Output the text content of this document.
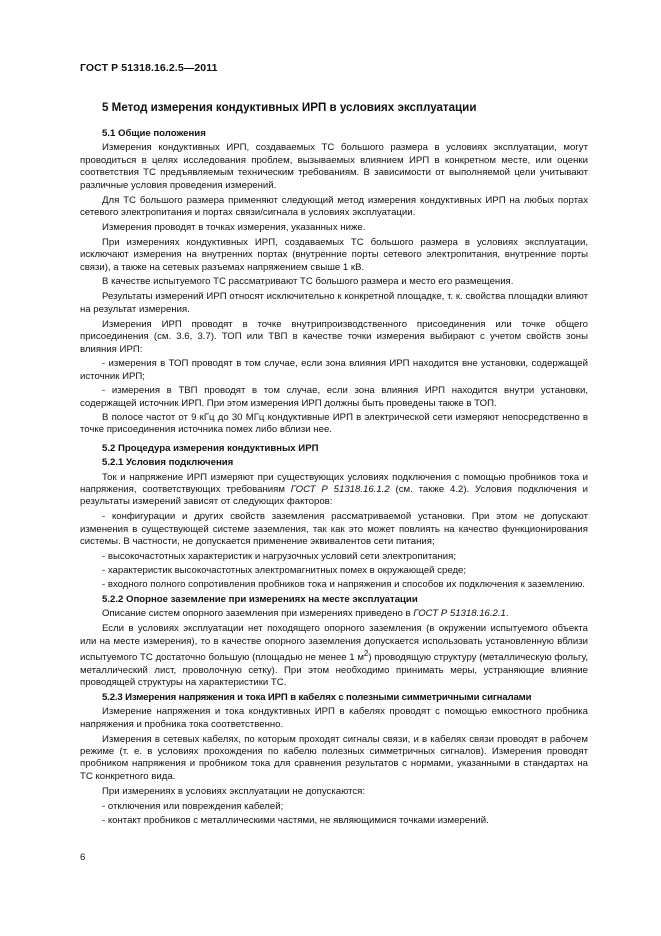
ГОСТ Р 51318.16.2.5—2011
5 Метод измерения кондуктивных ИРП в условиях эксплуатации
5.1 Общие положения

Измерения кондуктивных ИРП, создаваемых ТС большого размера в условиях эксплуатации, могут проводиться в целях исследования проблем, вызываемых влиянием ИРП в конкретном месте, или оценки соответствия ТС предъявляемым техническим требованиям. В зависимости от выполняемой цели учитывают различные условия проведения измерений.

Для ТС большого размера применяют следующий метод измерения кондуктивных ИРП на любых портах сетевого электропитания и портах связи/сигнала в условиях эксплуатации.

Измерения проводят в точках измерения, указанных ниже.

При измерениях кондуктивных ИРП, создаваемых ТС большого размера в условиях эксплуатации, исключают измерения на внутренних портах (внутренние порты сетевого электропитания, внутренние порты связи), а также на сетевых разъемах напряжением свыше 1 кВ.

В качестве испытуемого ТС рассматривают ТС большого размера и место его размещения.

Результаты измерений ИРП относят исключительно к конкретной площадке, т. к. свойства площадки влияют на результат измерения.

Измерения ИРП проводят в точке внутрипроизводственного присоединения или точке общего присоединения (см. 3.6, 3.7). ТОП или ТВП в качестве точки измерения выбирают с учетом свойств зоны влияния ИРП:

- измерения в ТОП проводят в том случае, если зона влияния ИРП находится вне установки, содержащей источник ИРП;
- измерения в ТВП проводят в том случае, если зона влияния ИРП находится внутри установки, содержащей источник ИРП. При этом измерения ИРП должны быть проведены также в ТОП.

В полосе частот от 9 кГц до 30 МГц кондуктивные ИРП в электрической сети измеряют непосредственно в точке присоединения источника помех либо вблизи нее.

5.2 Процедура измерения кондуктивных ИРП
5.2.1 Условия подключения

Ток и напряжение ИРП измеряют при существующих условиях подключения с помощью пробников тока и напряжения, соответствующих требованиям ГОСТ Р 51318.16.1.2 (см. также 4.2). Условия подключения и результаты измерений зависят от следующих факторов:

- конфигурации и других свойств заземления рассматриваемой установки. При этом не допускают изменения в существующей системе заземления, так как это может повлиять на качество функционирования системы. В частности, не допускается применение эквивалентов сети питания;
- высокочастотных характеристик и нагрузочных условий сети электропитания;
- характеристик высокочастотных электромагнитных помех в окружающей среде;
- входного полного сопротивления пробников тока и напряжения и способов их подключения к заземлению.
5.2.2 Опорное заземление при измерениях на месте эксплуатации

Описание систем опорного заземления при измерениях приведено в ГОСТ Р 51318.16.2.1.

Если в условиях эксплуатации нет походящего опорного заземления (в окружении испытуемого объекта или на месте измерения), то в качестве опорного заземления допускается использовать установленную вблизи испытуемого ТС достаточно большую (площадью не менее 1 $м^2$) проводящую структуру (металлическую фольгу, металлический лист, проволочную сетку). При этом необходимо принимать меры, устраняющие влияние проводящей структуры на характеристики ТС.

5.2.3 Измерения напряжения и тока ИРП в кабелях с полезными симметричными сигналами

Измерение напряжения и тока кондуктивных ИРП в кабелях проводят с помощью емкостного пробника напряжения и пробника тока соответственно.

Измерения в сетевых кабелях, по которым проходят сигналы связи, и в кабелях связи проводят в рабочем режиме (т. е. в условиях прохождения по кабелю полезных симметричных сигналов). Измерения проводят пробником напряжения и пробником тока для сравнения результатов с нормами, указанными в стандартах на ТС конкретного вида.

При измерениях в условиях эксплуатации не допускаются:

- отключения или повреждения кабелей;
- контакт пробников с металлическими частями, не являющимися точками измерений.
6
